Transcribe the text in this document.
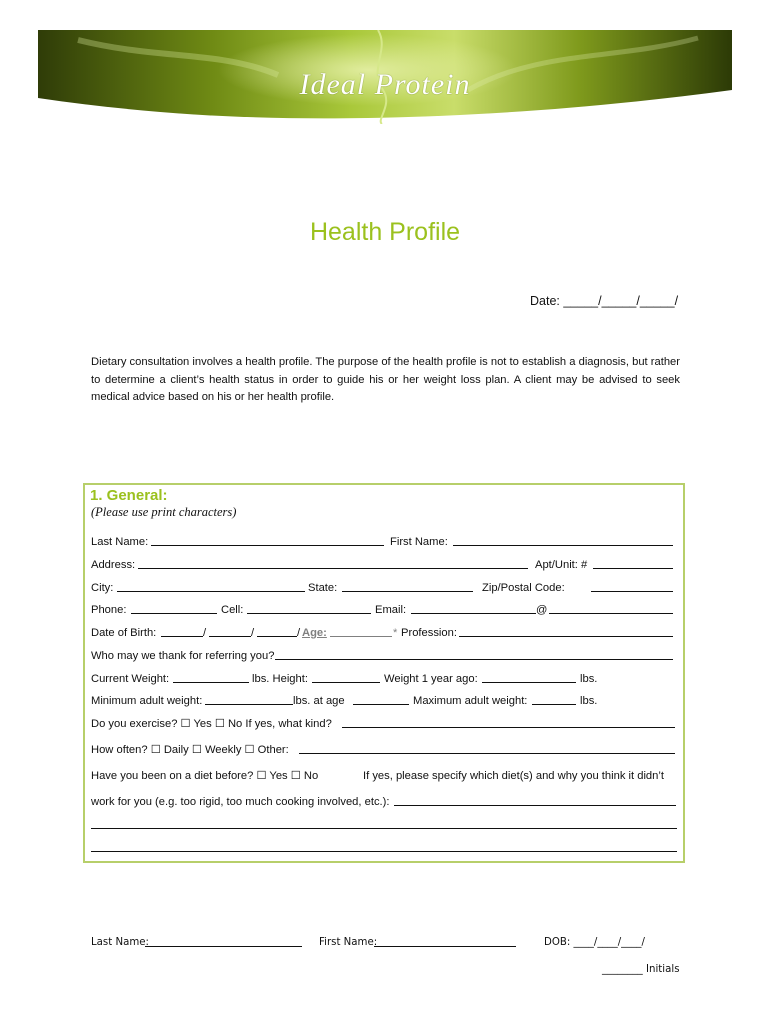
Ideal Protein
Health Profile
Date: _____/_____/_____/
Dietary consultation involves a health profile. The purpose of the health profile is not to establish a diagnosis, but rather to determine a client’s health status in order to guide his or her weight loss plan. A client may be advised to seek medical advice based on his or her health profile.
1. General:
(Please use print characters)
Last Name:	First Name:
Address:	Apt/Unit: #
City:	State:	Zip/Postal Code:
Phone:	Cell:	Email:	@
Date of Birth:	/	/	/ Age:	* Profession:
Who may we thank for referring you?
Current Weight:	lbs. Height:	Weight 1 year ago:	lbs.
Minimum adult weight:	lbs. at age	Maximum adult weight:	lbs.
Do you exercise? ☐ Yes ☐ No If yes, what kind?
How often? ☐ Daily ☐ Weekly ☐ Other:
Have you been on a diet before? ☐ Yes ☐ No	If yes, please specify which diet(s) and why you think it didn’t
work for you (e.g. too rigid, too much cooking involved, etc.):
Last Name:	First Name:	DOB: ____/____/____/
________ Initials
